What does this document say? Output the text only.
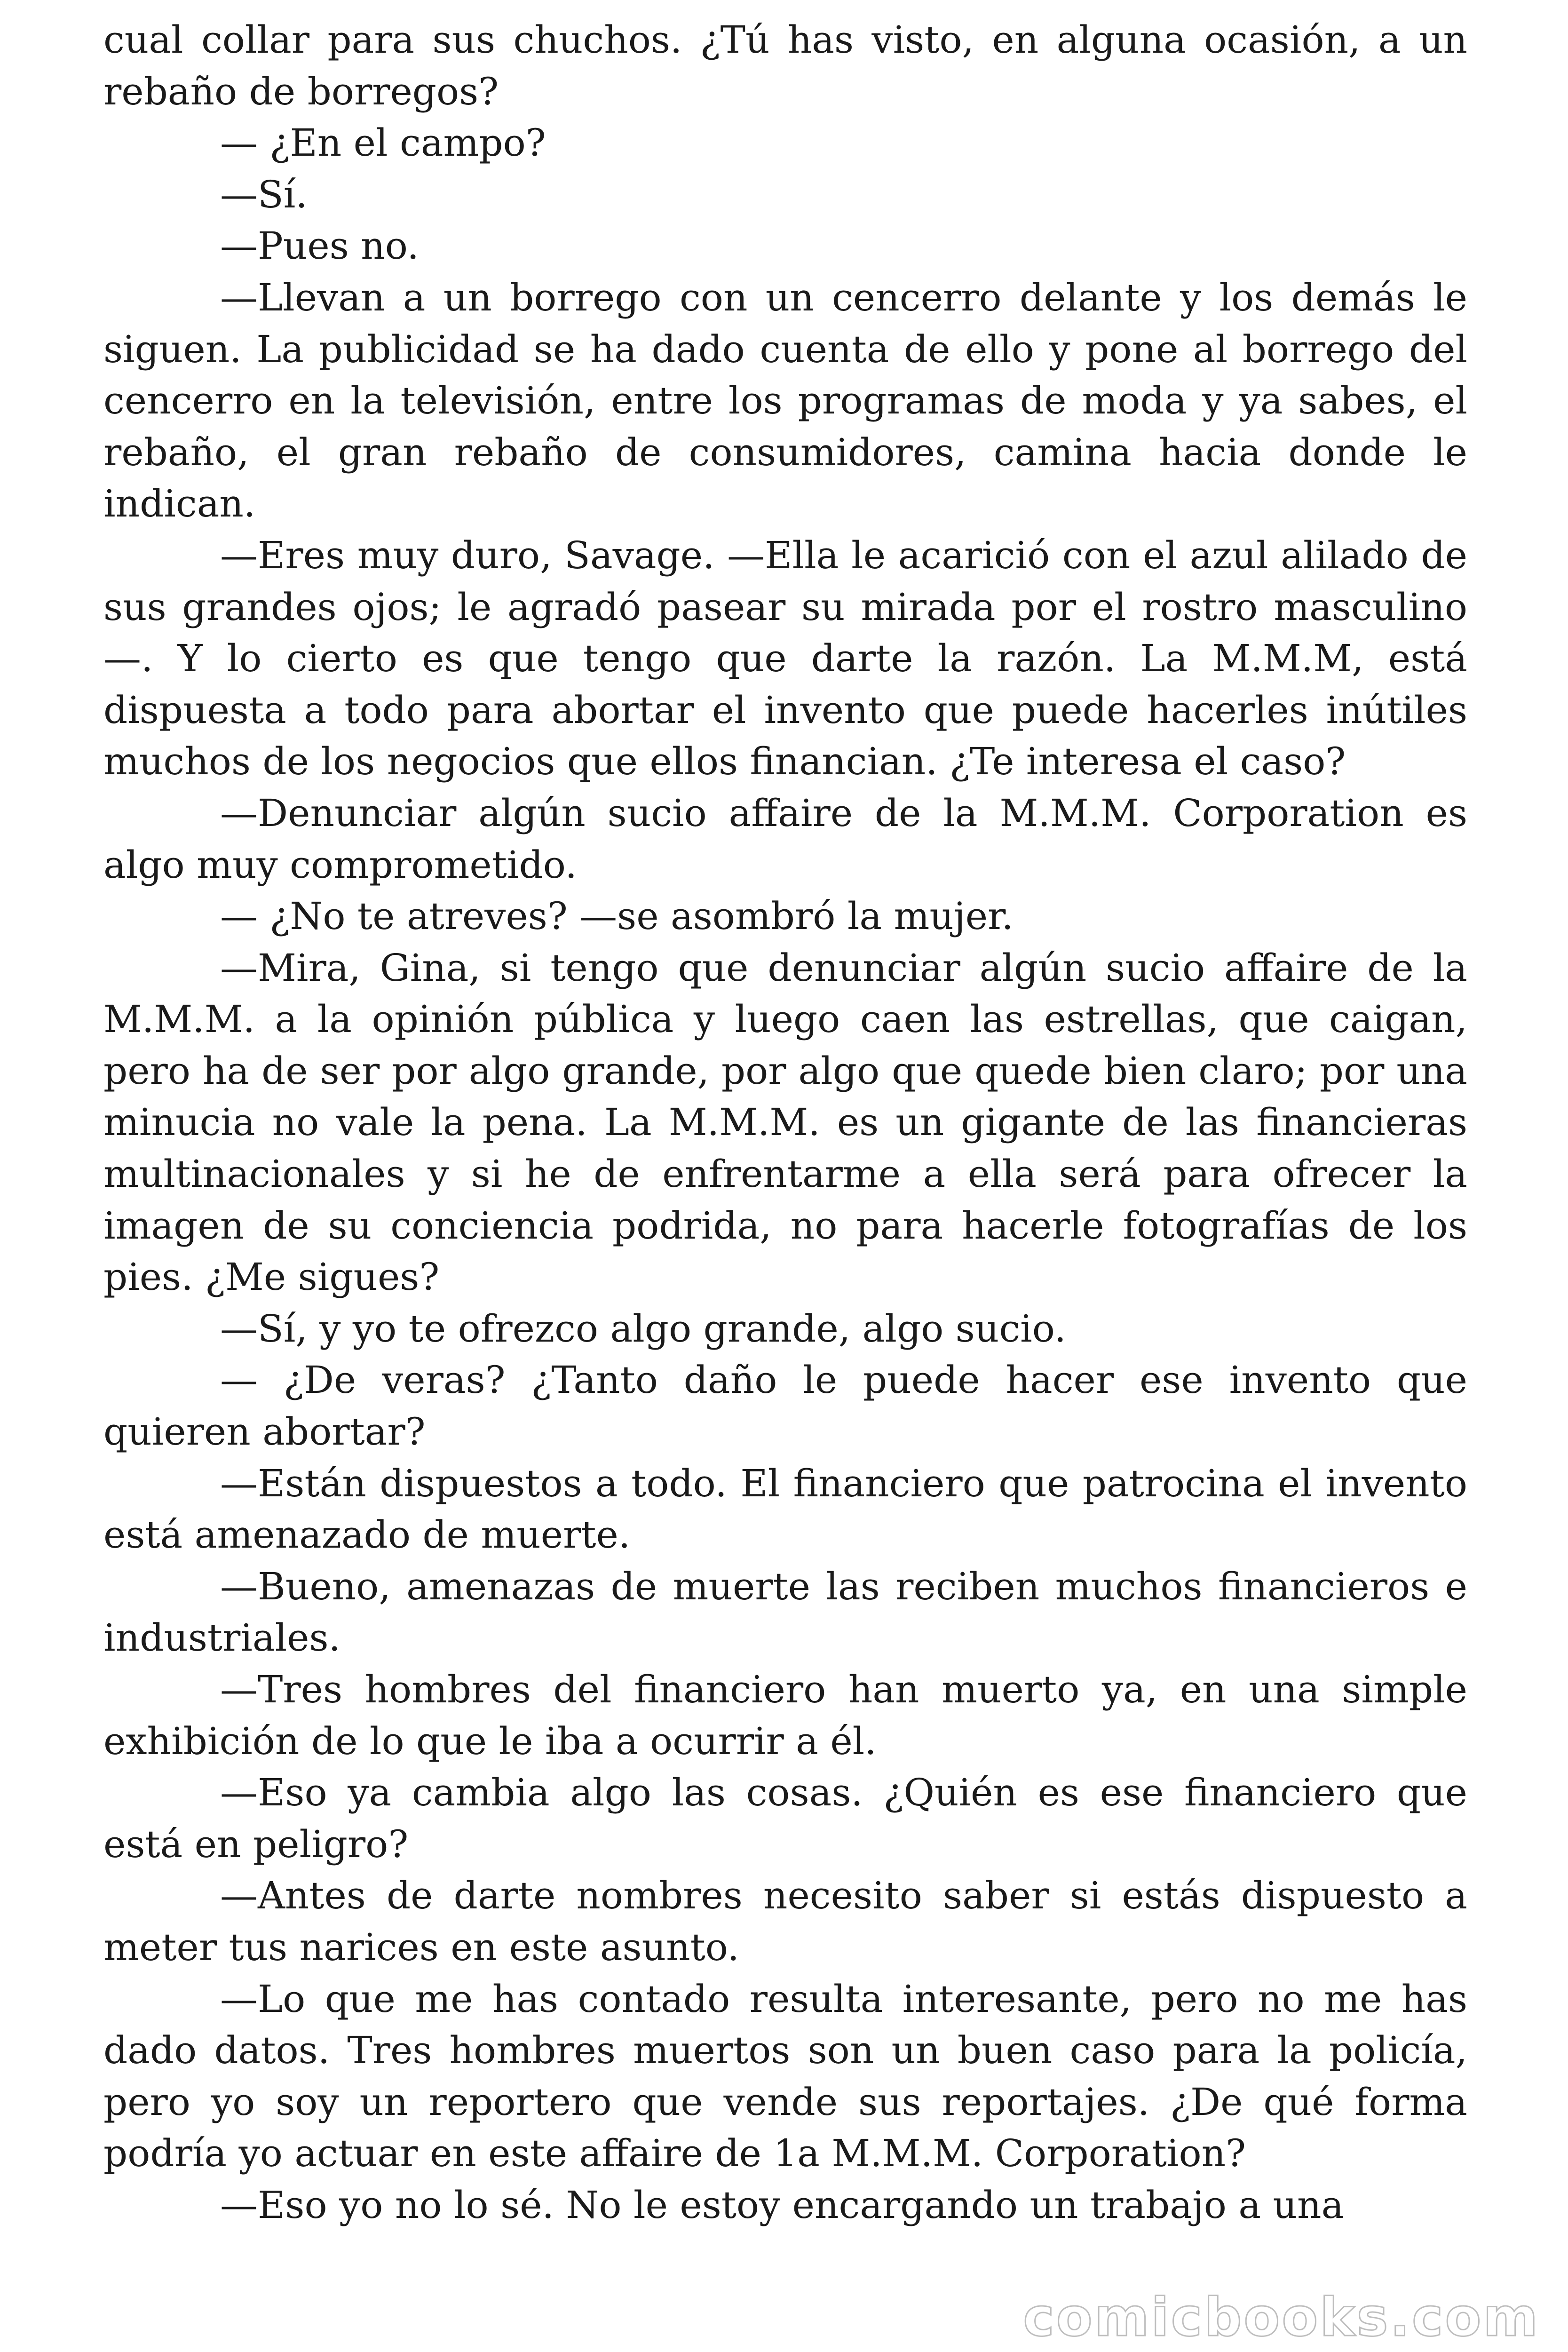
cual collar para sus chuchos. ¿Tú has visto, en alguna ocasión, a un rebaño de borregos?

— ¿En el campo?

—Sí.

—Pues no.

—Llevan a un borrego con un cencerro delante y los demás le siguen. La publicidad se ha dado cuenta de ello y pone al borrego del cencerro en la televisión, entre los programas de moda y ya sabes, el rebaño, el gran rebaño de consumidores, camina hacia donde le indican.

—Eres muy duro, Savage. —Ella le acarició con el azul alilado de sus grandes ojos; le agradó pasear su mirada por el rostro masculino—. Y lo cierto es que tengo que darte la razón. La M.M.M, está dispuesta a todo para abortar el invento que puede hacerles inútiles muchos de los negocios que ellos financian. ¿Te interesa el caso?

—Denunciar algún sucio affaire de la M.M.M. Corporation es algo muy comprometido.

— ¿No te atreves? —se asombró la mujer.

—Mira, Gina, si tengo que denunciar algún sucio affaire de la M.M.M. a la opinión pública y luego caen las estrellas, que caigan, pero ha de ser por algo grande, por algo que quede bien claro; por una minucia no vale la pena. La M.M.M. es un gigante de las financieras multinacionales y si he de enfrentarme a ella será para ofrecer la imagen de su conciencia podrida, no para hacerle fotografías de los pies. ¿Me sigues?

—Sí, y yo te ofrezco algo grande, algo sucio.

— ¿De veras? ¿Tanto daño le puede hacer ese invento que quieren abortar?

—Están dispuestos a todo. El financiero que patrocina el invento está amenazado de muerte.

—Bueno, amenazas de muerte las reciben muchos financieros e industriales.

—Tres hombres del financiero han muerto ya, en una simple exhibición de lo que le iba a ocurrir a él.

—Eso ya cambia algo las cosas. ¿Quién es ese financiero que está en peligro?

—Antes de darte nombres necesito saber si estás dispuesto a meter tus narices en este asunto.

—Lo que me has contado resulta interesante, pero no me has dado datos. Tres hombres muertos son un buen caso para la policía, pero yo soy un reportero que vende sus reportajes. ¿De qué forma podría yo actuar en este affaire de 1a M.M.M. Corporation?

—Eso yo no lo sé. No le estoy encargando un trabajo a una

comicbooks.com
